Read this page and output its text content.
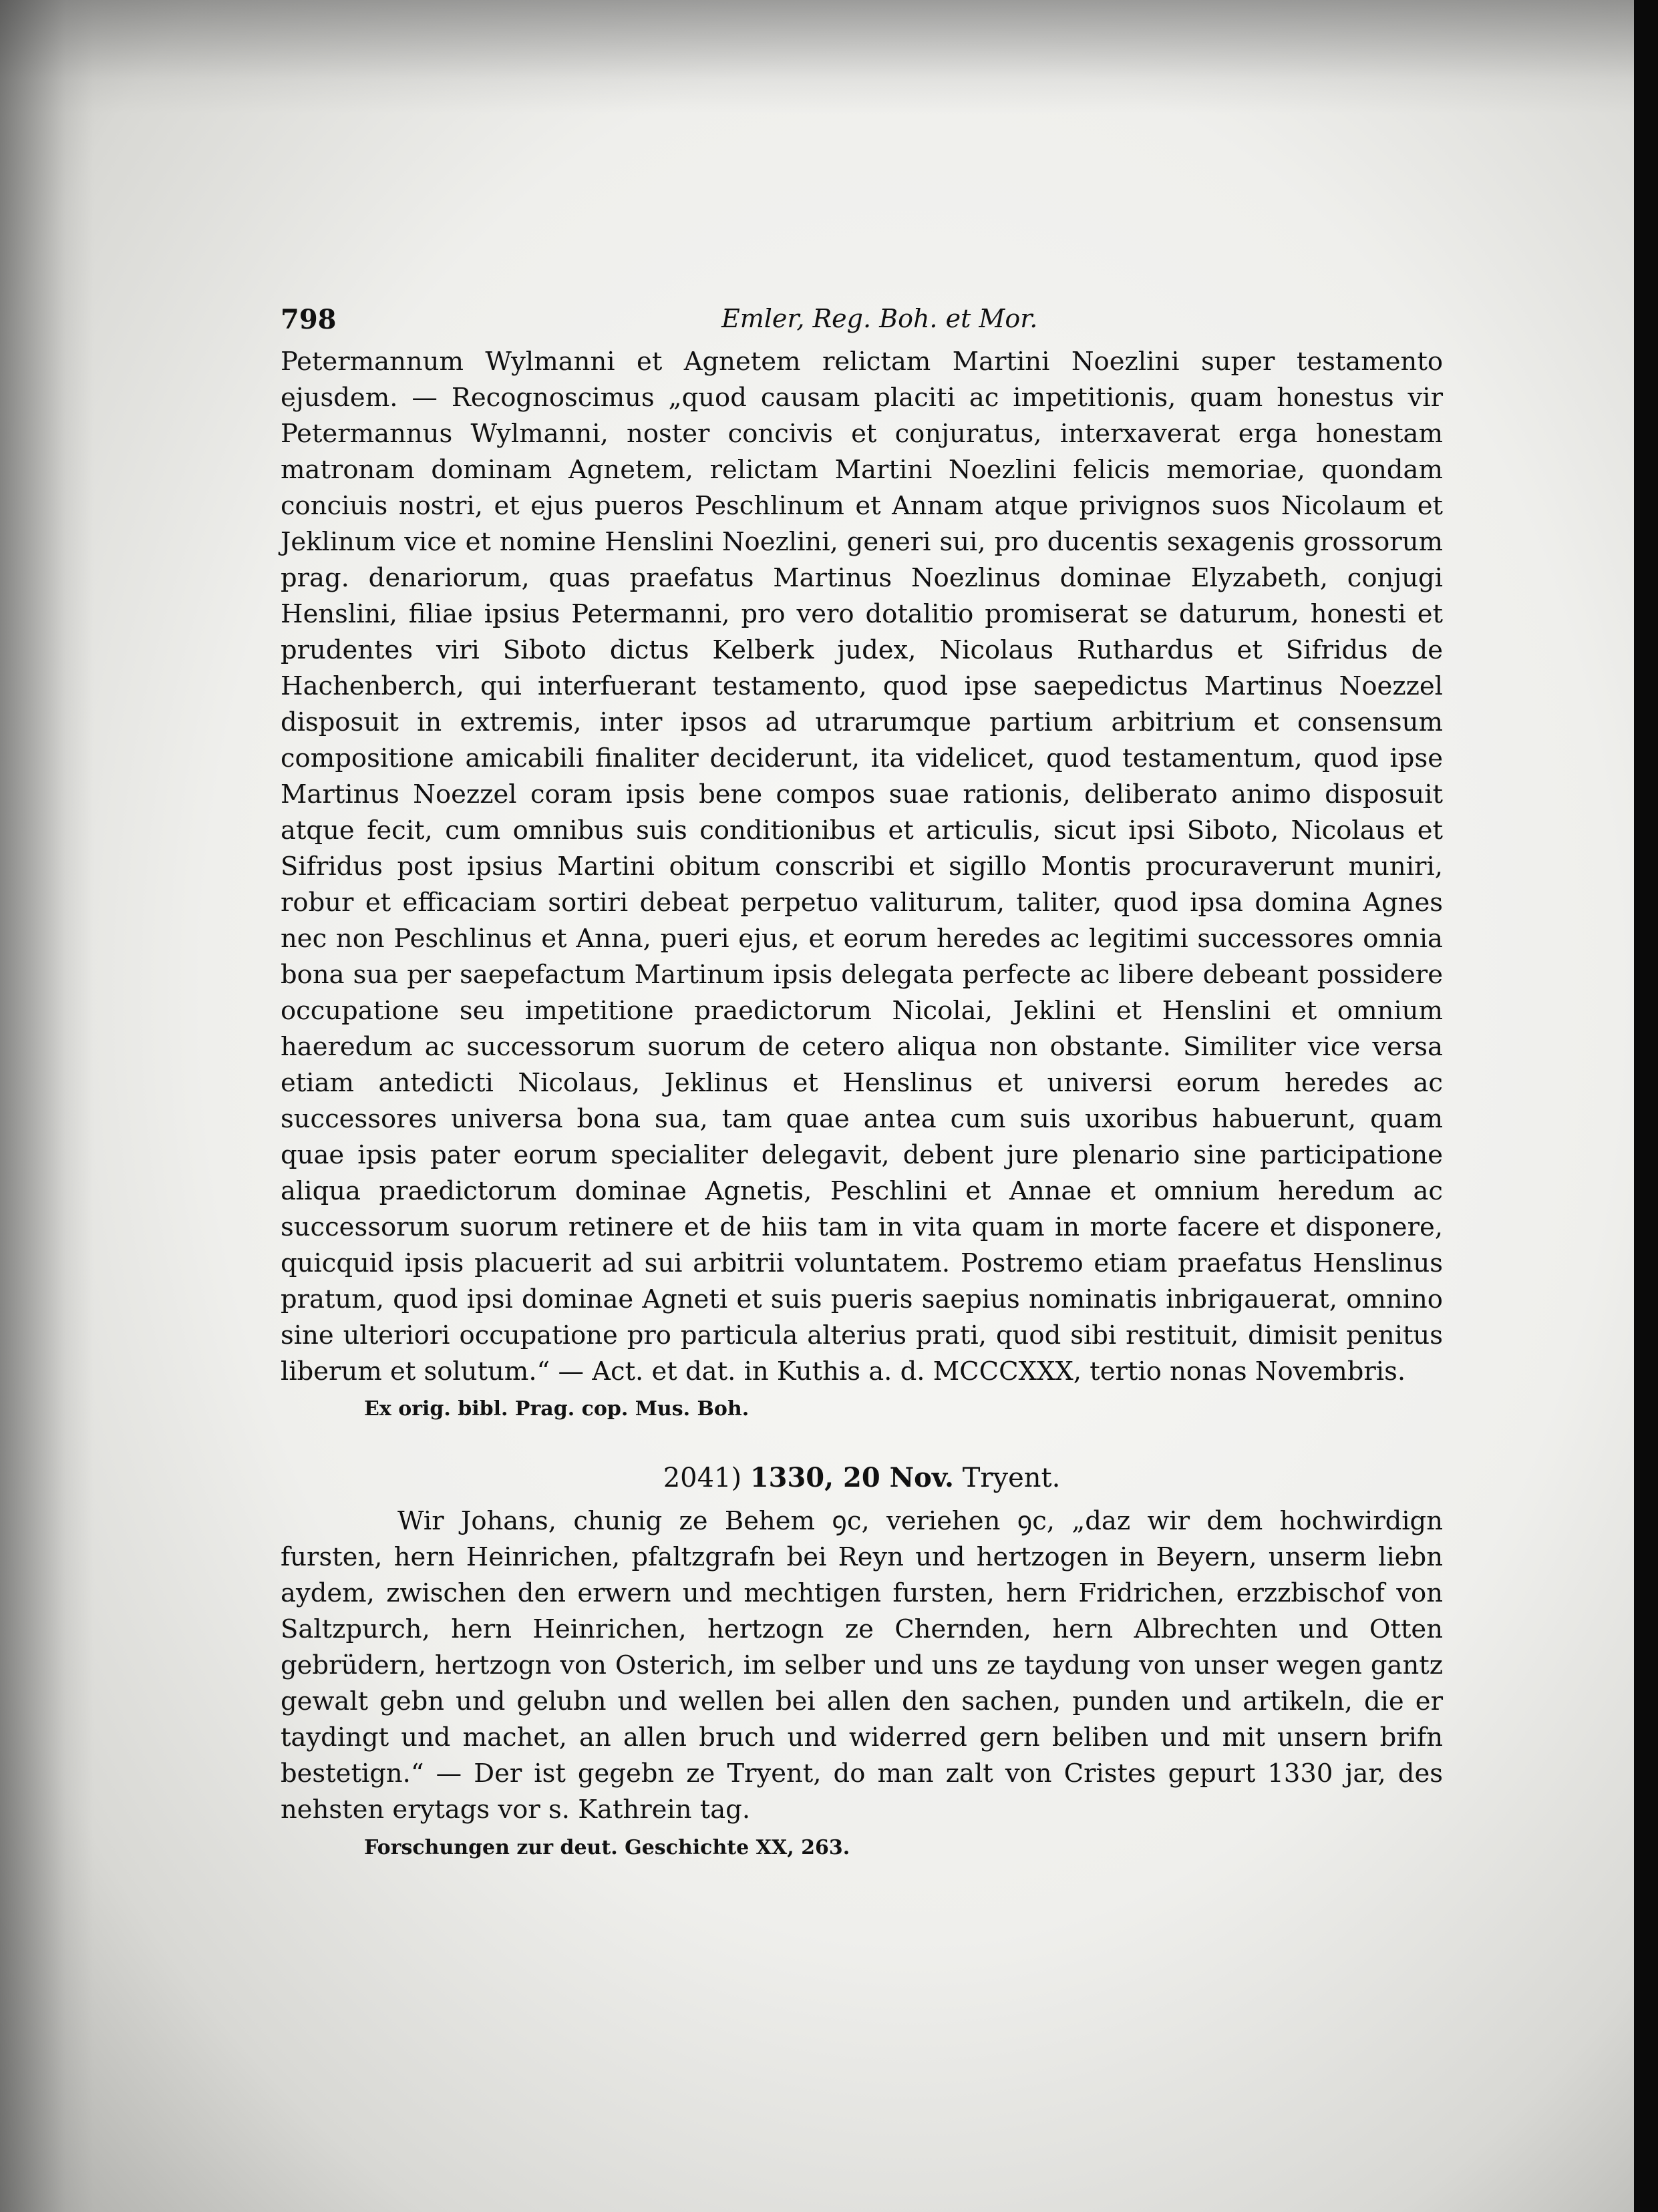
798	Emler, Reg. Boh. et Mor.

Petermannum Wylmanni et Agnetem relictam Martini Noezlini super testamento ejusdem. — Recognoscimus „quod causam placiti ac impetitionis, quam honestus vir Petermannus Wylmanni, noster concivis et conjuratus, interxaverat erga honestam matronam dominam Agnetem, relictam Martini Noezlini felicis memoriae, quondam conciuis nostri, et ejus pueros Peschlinum et Annam atque privignos suos Nicolaum et Jeklinum vice et nomine Henslini Noezlini, generi sui, pro ducentis sexagenis grossorum prag. denariorum, quas praefatus Martinus Noezlinus dominae Elyzabeth, conjugi Henslini, filiae ipsius Petermanni, pro vero dotalitio promiserat se daturum, honesti et prudentes viri Siboto dictus Kelberk judex, Nicolaus Ruthardus et Sifridus de Hachenberch, qui interfuerant testamento, quod ipse saepedictus Martinus Noezzel disposuit in extremis, inter ipsos ad utrarumque partium arbitrium et consensum compositione amicabili finaliter deciderunt, ita videlicet, quod testamentum, quod ipse Martinus Noezzel coram ipsis bene compos suae rationis, deliberato animo disposuit atque fecit, cum omnibus suis conditionibus et articulis, sicut ipsi Siboto, Nicolaus et Sifridus post ipsius Martini obitum conscribi et sigillo Montis procuraverunt muniri, robur et efficaciam sortiri debeat perpetuo valiturum, taliter, quod ipsa domina Agnes nec non Peschlinus et Anna, pueri ejus, et eorum heredes ac legitimi successores omnia bona sua per saepefactum Martinum ipsis delegata perfecte ac libere debeant possidere occupatione seu impetitione praedictorum Nicolai, Jeklini et Henslini et omnium haeredum ac successorum suorum de cetero aliqua non obstante. Similiter vice versa etiam antedicti Nicolaus, Jeklinus et Henslinus et universi eorum heredes ac successores universa bona sua, tam quae antea cum suis uxoribus habuerunt, quam quae ipsis pater eorum specialiter delegavit, debent jure plenario sine participatione aliqua praedictorum dominae Agnetis, Peschlini et Annae et omnium heredum ac successorum suorum retinere et de hiis tam in vita quam in morte facere et disponere, quicquid ipsis placuerit ad sui arbitrii voluntatem. Postremo etiam praefatus Henslinus pratum, quod ipsi dominae Agneti et suis pueris saepius nominatis inbrigauerat, omnino sine ulteriori occupatione pro particula alterius prati, quod sibi restituit, dimisit penitus liberum et solutum.“ — Act. et dat. in Kuthis a. d. MCCCXXX, tertio nonas Novembris.

Ex orig. bibl. Prag. cop. Mus. Boh.
2041) 1330, 20 Nov. Tryent.

Wir Johans, chunig ze Behem ꝯc, veriehen ꝯc, „daz wir dem hochwirdign fursten, hern Heinrichen, pfaltzgrafn bei Reyn und hertzogen in Beyern, unserm liebn aydem, zwischen den erwern und mechtigen fursten, hern Fridrichen, erzzbischof von Saltzpurch, hern Heinrichen, hertzogn ze Chernden, hern Albrechten und Otten gebrüdern, hertzogn von Osterich, im selber und uns ze taydung von unser wegen gantz gewalt gebn und gelubn und wellen bei allen den sachen, punden und artikeln, die er taydingt und machet, an allen bruch und widerred gern beliben und mit unsern brifn bestetign.“ — Der ist gegebn ze Tryent, do man zalt von Cristes gepurt 1330 jar, des nehsten erytags vor s. Kathrein tag.

Forschungen zur deut. Geschichte XX, 263.
